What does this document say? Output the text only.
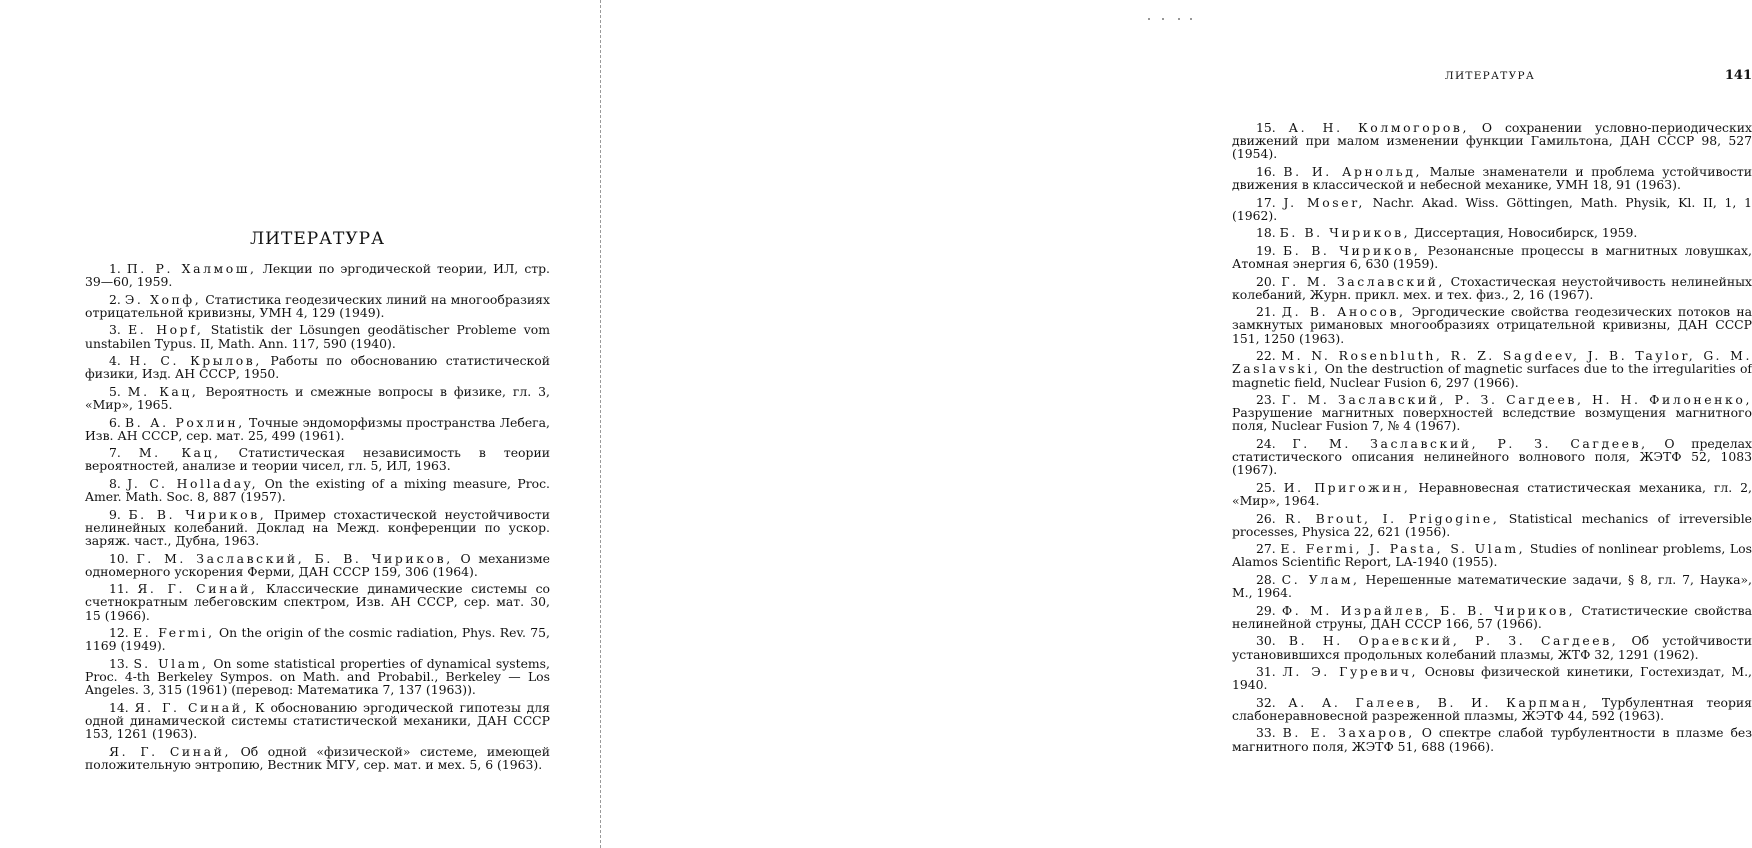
ЛИТЕРАТУРА

1. П. Р. Халмош, Лекции по эргодической теории, ИЛ, стр. 39—60, 1959.

2. Э. Хопф, Статистика геодезических линий на многообразиях отрицательной кривизны, УМН 4, 129 (1949).

3. E. Hopf, Statistik der Lösungen geodätischer Probleme vom unstabilen Typus. II, Math. Ann. 117, 590 (1940).

4. Н. С. Крылов, Работы по обоснованию статистической физики, Изд. АН СССР, 1950.

5. М. Кац, Вероятность и смежные вопросы в физике, гл. 3, «Мир», 1965.

6. В. А. Рохлин, Точные эндоморфизмы пространства Лебега, Изв. АН СССР, сер. мат. 25, 499 (1961).

7. М. Кац, Статистическая независимость в теории вероятностей, анализе и теории чисел, гл. 5, ИЛ, 1963.

8. J. C. Holladay, On the existing of a mixing measure, Proc. Amer. Math. Soc. 8, 887 (1957).

9. Б. В. Чириков, Пример стохастической неустойчивости нелинейных колебаний. Доклад на Межд. конференции по ускор. заряж. част., Дубна, 1963.

10. Г. М. Заславский, Б. В. Чириков, О механизме одномерного ускорения Ферми, ДАН СССР 159, 306 (1964).

11. Я. Г. Синай, Классические динамические системы со счетнократным лебеговским спектром, Изв. АН СССР, сер. мат. 30, 15 (1966).

12. E. Fermi, On the origin of the cosmic radiation, Phys. Rev. 75, 1169 (1949).

13. S. Ulam, On some statistical properties of dynamical systems, Proc. 4-th Berkeley Sympos. on Math. and Probabil., Berkeley — Los Angeles. 3, 315 (1961) (перевод: Математика 7, 137 (1963)).

14. Я. Г. Синай, К обоснованию эргодической гипотезы для одной динамической системы статистической механики, ДАН СССР 153, 1261 (1963).

Я. Г. Синай, Об одной «физической» системе, имеющей положительную энтропию, Вестник МГУ, сер. мат. и мех. 5, 6 (1963).

ЛИТЕРАТУРА	141

15. А. Н. Колмогоров, О сохранении условно-периодических движений при малом изменении функции Гамильтона, ДАН СССР 98, 527 (1954).

16. В. И. Арнольд, Малые знаменатели и проблема устойчивости движения в классической и небесной механике, УМН 18, 91 (1963).

17. J. Moser, Nachr. Akad. Wiss. Göttingen, Math. Physik, Kl. II, 1, 1 (1962).

18. Б. В. Чириков, Диссертация, Новосибирск, 1959.

19. Б. В. Чириков, Резонансные процессы в магнитных ловушках, Атомная энергия 6, 630 (1959).

20. Г. М. Заславский, Стохастическая неустойчивость нелинейных колебаний, Журн. прикл. мех. и тех. физ., 2, 16 (1967).

21. Д. В. Аносов, Эргодические свойства геодезических потоков на замкнутых римановых многообразиях отрицательной кривизны, ДАН СССР 151, 1250 (1963).

22. M. N. Rosenbluth, R. Z. Sagdeev, J. B. Taylor, G. M. Zaslavski, On the destruction of magnetic surfaces due to the irregularities of magnetic field, Nuclear Fusion 6, 297 (1966).

23. Г. М. Заславский, Р. З. Сагдеев, Н. Н. Филоненко, Разрушение магнитных поверхностей вследствие возмущения магнитного поля, Nuclear Fusion 7, № 4 (1967).

24. Г. М. Заславский, Р. З. Сагдеев, О пределах статистического описания нелинейного волнового поля, ЖЭТФ 52, 1083 (1967).

25. И. Пригожин, Неравновесная статистическая механика, гл. 2, «Мир», 1964.

26. R. Brout, I. Prigogine, Statistical mechanics of irreversible processes, Physica 22, 621 (1956).

27. E. Fermi, J. Pasta, S. Ulam, Studies of nonlinear problems, Los Alamos Scientific Report, LA-1940 (1955).

28. С. Улам, Нерешенные математические задачи, § 8, гл. 7, Наука», М., 1964.

29. Ф. М. Израйлев, Б. В. Чириков, Статистические свойства нелинейной струны, ДАН СССР 166, 57 (1966).

30. В. Н. Ораевский, Р. З. Сагдеев, Об устойчивости установившихся продольных колебаний плазмы, ЖТФ 32, 1291 (1962).

31. Л. Э. Гуревич, Основы физической кинетики, Гостехиздат, М., 1940.

32. А. А. Галеев, В. И. Карпман, Турбулентная теория слабонеравновесной разреженной плазмы, ЖЭТФ 44, 592 (1963).

33. В. Е. Захаров, О спектре слабой турбулентности в плазме без магнитного поля, ЖЭТФ 51, 688 (1966).
